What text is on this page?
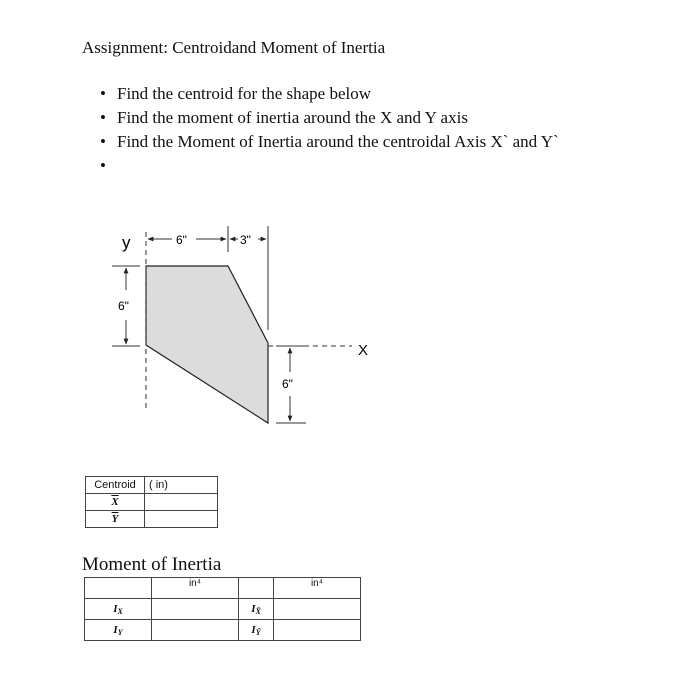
Assignment: Centroidand Moment of Inertia
• Find the centroid for the shape below
• Find the moment of inertia around the X and Y axis
• Find the Moment of Inertia around the centroidal Axis X` and Y`
•
y
X
6"	3"
6"
6"
Centroid	( in)
$\overline{X}$	
$\overline{Y}$	
Moment of Inertia
	in⁴		in⁴
$I_X$		$I_{X̄}$	
$I_Y$		$I_Ȳ$	
